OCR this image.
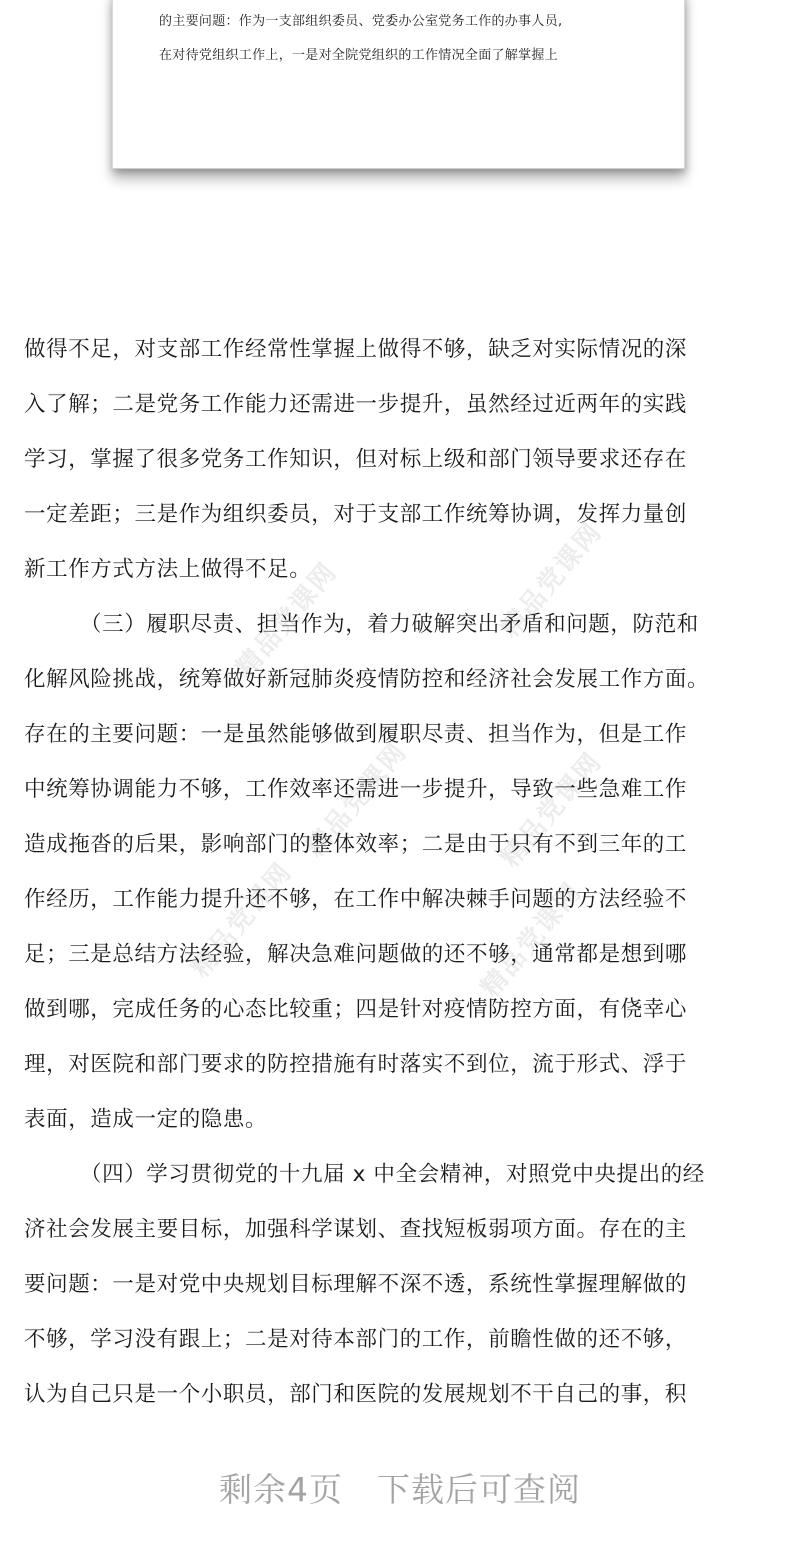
的主要问题：作为一支部组织委员、党委办公室党务工作的办事人员,
在对待党组织工作上，一是对全院党组织的工作情况全面了解掌握上
精品党课网	精品党课网
精品党课网	精品党课网
精品党课网	精品党课网
做得不足，对支部工作经常性掌握上做得不够，缺乏对实际情况的深
入了解；二是党务工作能力还需进一步提升，虽然经过近两年的实践
学习，掌握了很多党务工作知识，但对标上级和部门领导要求还存在
一定差距；三是作为组织委员，对于支部工作统筹协调，发挥力量创
新工作方式方法上做得不足。
（三）履职尽责、担当作为，着力破解突出矛盾和问题，防范和
化解风险挑战，统筹做好新冠肺炎疫情防控和经济社会发展工作方面。
存在的主要问题：一是虽然能够做到履职尽责、担当作为，但是工作
中统筹协调能力不够，工作效率还需进一步提升，导致一些急难工作
造成拖沓的后果，影响部门的整体效率；二是由于只有不到三年的工
作经历，工作能力提升还不够，在工作中解决棘手问题的方法经验不
足；三是总结方法经验，解决急难问题做的还不够，通常都是想到哪
做到哪，完成任务的心态比较重；四是针对疫情防控方面，有侥幸心
理，对医院和部门要求的防控措施有时落实不到位，流于形式、浮于
表面，造成一定的隐患。
（四）学习贯彻党的十九届 x 中全会精神，对照党中央提出的经
济社会发展主要目标，加强科学谋划、查找短板弱项方面。存在的主
要问题：一是对党中央规划目标理解不深不透，系统性掌握理解做的
不够，学习没有跟上；二是对待本部门的工作，前瞻性做的还不够，
认为自己只是一个小职员，部门和医院的发展规划不干自己的事，积
剩余4页 下载后可查阅
